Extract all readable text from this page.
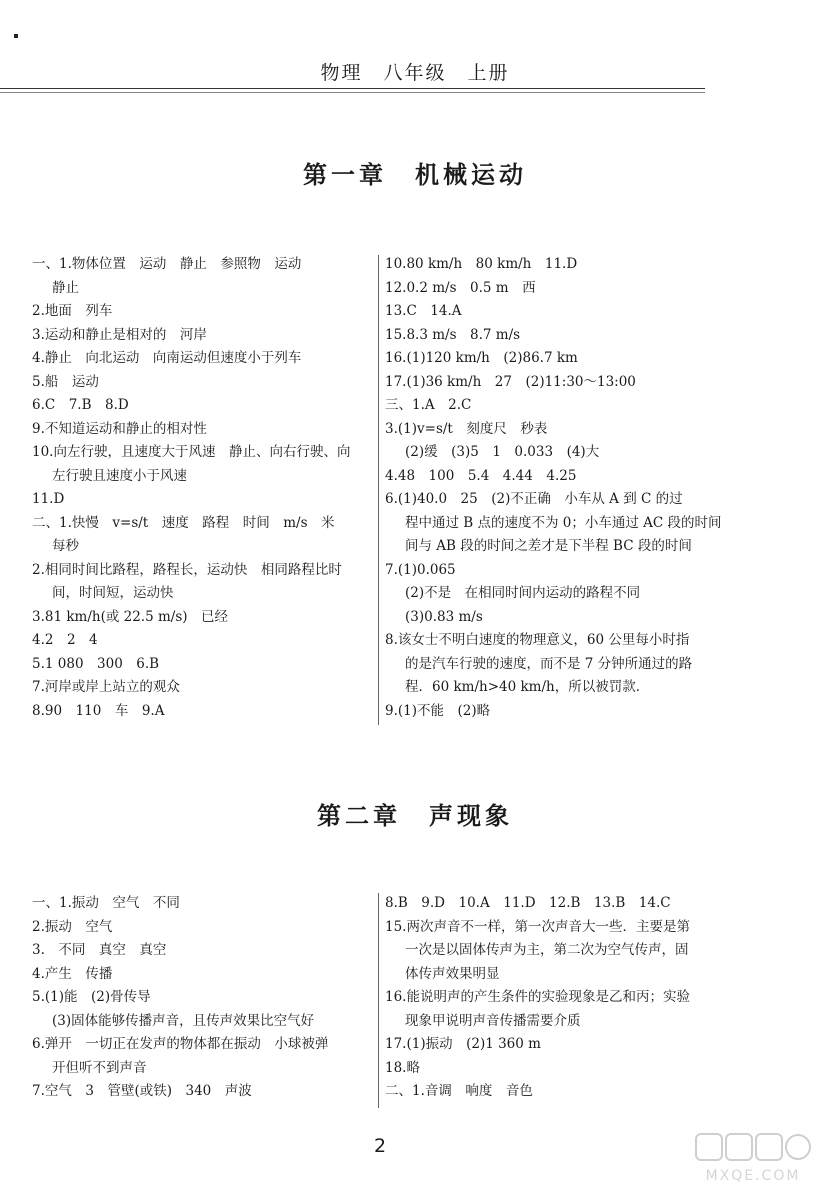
物理　八年级　上册
第一章　机械运动
一、1.物体位置　运动　静止　参照物　运动
静止
2.地面　列车
3.运动和静止是相对的　河岸
4.静止　向北运动　向南运动但速度小于列车
5.船　运动
6.C　7.B　8.D
9.不知道运动和静止的相对性
10.向左行驶，且速度大于风速　静止、向右行驶、向
左行驶且速度小于风速
11.D
二、1.快慢　v=s/t　速度　路程　时间　m/s　米
每秒
2.相同时间比路程，路程长，运动快　相同路程比时
间，时间短，运动快
3.81 km/h(或 22.5 m/s)　已经
4.2　2　4
5.1 080　300　6.B
7.河岸或岸上站立的观众
8.90　110　车　9.A
10.80 km/h　80 km/h　11.D
12.0.2 m/s　0.5 m　西
13.C　14.A
15.8.3 m/s　8.7 m/s
16.(1)120 km/h　(2)86.7 km
17.(1)36 km/h　27　(2)11:30～13:00
三、1.A　2.C
3.(1)v=s/t　刻度尺　秒表
(2)缓　(3)5　1　0.033　(4)大
4.48　100　5.4　4.44　4.25
6.(1)40.0　25　(2)不正确　小车从 A 到 C 的过
程中通过 B 点的速度不为 0；小车通过 AC 段的时间
间与 AB 段的时间之差才是下半程 BC 段的时间
7.(1)0.065
(2)不是　在相同时间内运动的路程不同
(3)0.83 m/s
8.该女士不明白速度的物理意义，60 公里每小时指
的是汽车行驶的速度，而不是 7 分钟所通过的路
程．60 km/h>40 km/h，所以被罚款．
9.(1)不能　(2)略
第二章　声现象
一、1.振动　空气　不同
2.振动　空气
3.　不同　真空　真空
4.产生　传播
5.(1)能　(2)骨传导
(3)固体能够传播声音，且传声效果比空气好
6.弹开　一切正在发声的物体都在振动　小球被弹
开但听不到声音
7.空气　3　管壁(或铁)　340　声波
8.B　9.D　10.A　11.D　12.B　13.B　14.C
15.两次声音不一样，第一次声音大一些．主要是第
一次是以固体传声为主，第二次为空气传声，固
体传声效果明显
16.能说明声的产生条件的实验现象是乙和丙；实验
现象甲说明声音传播需要介质
17.(1)振动　(2)1 360 m
18.略
二、1.音调　响度　音色
2
MXQE.COM
